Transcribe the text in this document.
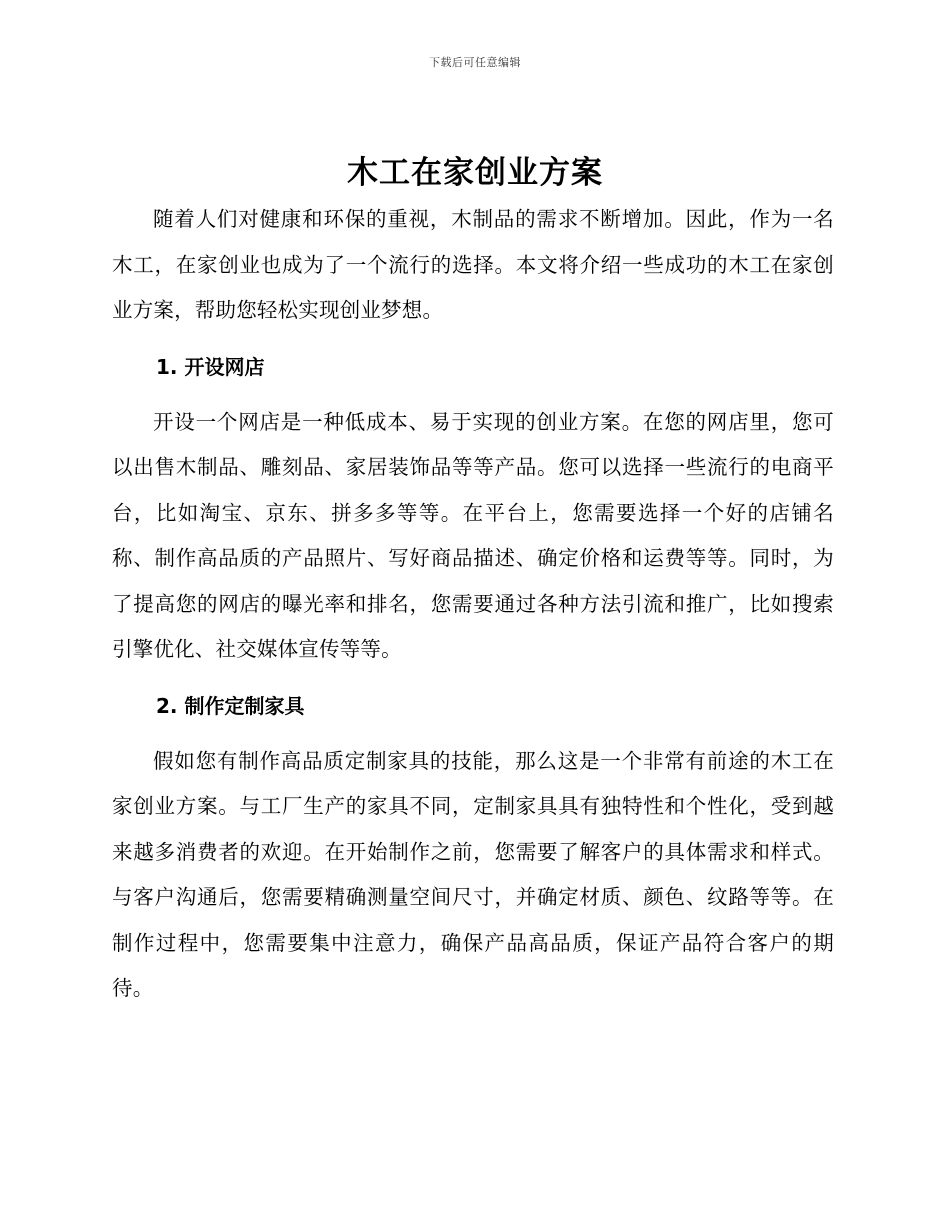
下载后可任意编辑
木工在家创业方案

随着人们对健康和环保的重视，木制品的需求不断增加。因此，作为一名木工，在家创业也成为了一个流行的选择。本文将介绍一些成功的木工在家创业方案，帮助您轻松实现创业梦想。

1. 开设网店

开设一个网店是一种低成本、易于实现的创业方案。在您的网店里，您可以出售木制品、雕刻品、家居装饰品等等产品。您可以选择一些流行的电商平台，比如淘宝、京东、拼多多等等。在平台上，您需要选择一个好的店铺名称、制作高品质的产品照片、写好商品描述、确定价格和运费等等。同时，为了提高您的网店的曝光率和排名，您需要通过各种方法引流和推广，比如搜索引擎优化、社交媒体宣传等等。

2. 制作定制家具

假如您有制作高品质定制家具的技能，那么这是一个非常有前途的木工在家创业方案。与工厂生产的家具不同，定制家具具有独特性和个性化，受到越来越多消费者的欢迎。在开始制作之前，您需要了解客户的具体需求和样式。与客户沟通后，您需要精确测量空间尺寸，并确定材质、颜色、纹路等等。在制作过程中，您需要集中注意力，确保产品高品质，保证产品符合客户的期待。
